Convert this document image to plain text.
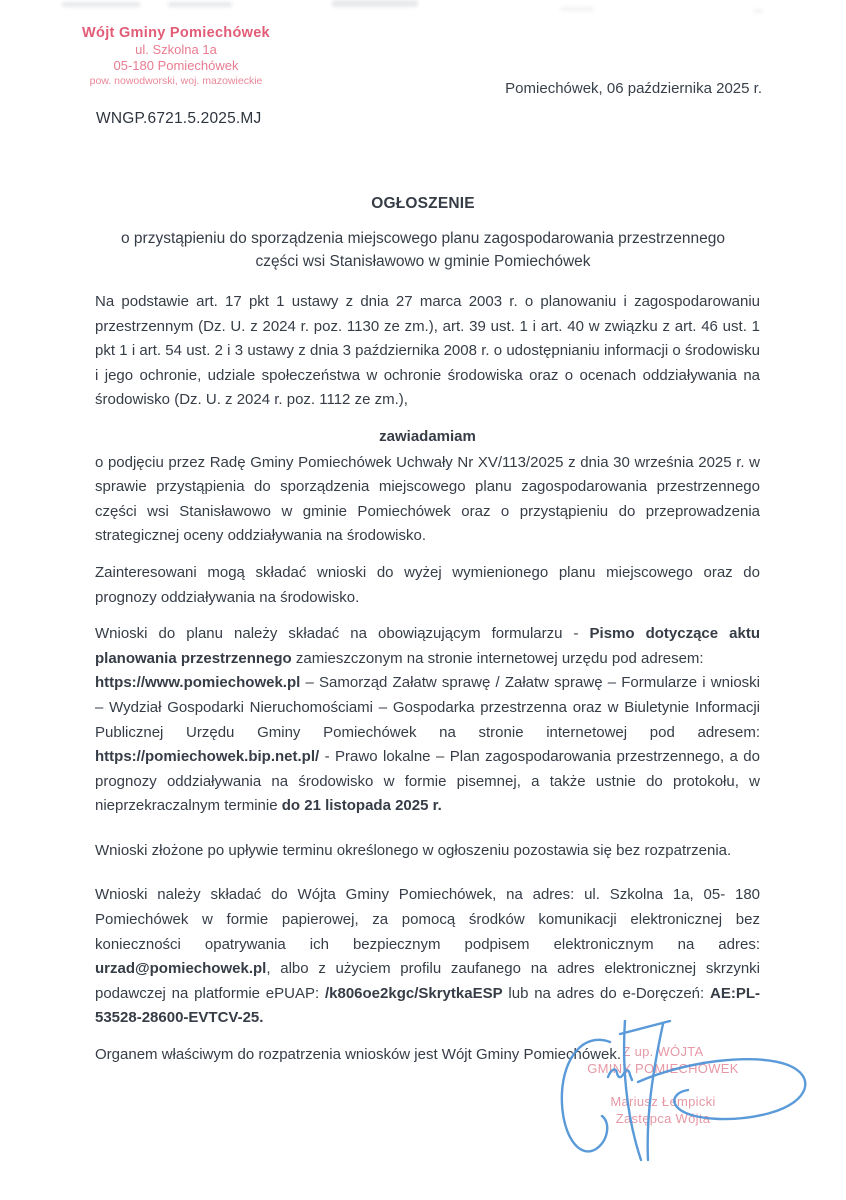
Wójt Gminy Pomiechówek
ul. Szkolna 1a
05-180 Pomiechówek
pow. nowodworski, woj. mazowieckie	Pomiechówek, 06 października 2025 r.
WNGP.6721.5.2025.MJ
OGŁOSZENIE
o przystąpieniu do sporządzenia miejscowego planu zagospodarowania przestrzennego
części wsi Stanisławowo w gminie Pomiechówek
Na podstawie art. 17 pkt 1 ustawy z dnia 27 marca 2003 r. o planowaniu i zagospodarowaniu przestrzennym (Dz. U. z 2024 r. poz. 1130 ze zm.), art. 39 ust. 1 i art. 40 w związku z art. 46 ust. 1 pkt 1 i art. 54 ust. 2 i 3 ustawy z dnia 3 października 2008 r. o udostępnianiu informacji o środowisku i jego ochronie, udziale społeczeństwa w ochronie środowiska oraz o ocenach oddziaływania na środowisko (Dz. U. z 2024 r. poz. 1112 ze zm.),
zawiadamiam
o podjęciu przez Radę Gminy Pomiechówek Uchwały Nr XV/113/2025 z dnia 30 września 2025 r. w sprawie przystąpienia do sporządzenia miejscowego planu zagospodarowania przestrzennego części wsi Stanisławowo w gminie Pomiechówek oraz o przystąpieniu do przeprowadzenia strategicznej oceny oddziaływania na środowisko.
Zainteresowani mogą składać wnioski do wyżej wymienionego planu miejscowego oraz do prognozy oddziaływania na środowisko.
Wnioski do planu należy składać na obowiązującym formularzu - Pismo dotyczące aktu planowania przestrzennego zamieszczonym na stronie internetowej urzędu pod adresem:
https://www.pomiechowek.pl – Samorząd Załatw sprawę / Załatw sprawę – Formularze i wnioski – Wydział Gospodarki Nieruchomościami – Gospodarka przestrzenna oraz w Biuletynie Informacji Publicznej Urzędu Gminy Pomiechówek na stronie internetowej pod adresem: https://pomiechowek.bip.net.pl/ - Prawo lokalne – Plan zagospodarowania przestrzennego, a do prognozy oddziaływania na środowisko w formie pisemnej, a także ustnie do protokołu, w nieprzekraczalnym terminie do 21 listopada 2025 r.
Wnioski złożone po upływie terminu określonego w ogłoszeniu pozostawia się bez rozpatrzenia.
Wnioski należy składać do Wójta Gminy Pomiechówek, na adres: ul. Szkolna 1a, 05- 180 Pomiechówek w formie papierowej, za pomocą środków komunikacji elektronicznej bez konieczności opatrywania ich bezpiecznym podpisem elektronicznym na adres: urzad@pomiechowek.pl, albo z użyciem profilu zaufanego na adres elektronicznej skrzynki podawczej na platformie ePUAP: /k806oe2kgc/SkrytkaESP lub na adres do e-Doręczeń: AE:PL-53528-28600-EVTCV-25.
Organem właściwym do rozpatrzenia wniosków jest Wójt Gminy Pomiechówek. Z up. WÓJTA
GMINY POMIECHÓWEK
Mariusz Łempicki
Zastępca Wójta
